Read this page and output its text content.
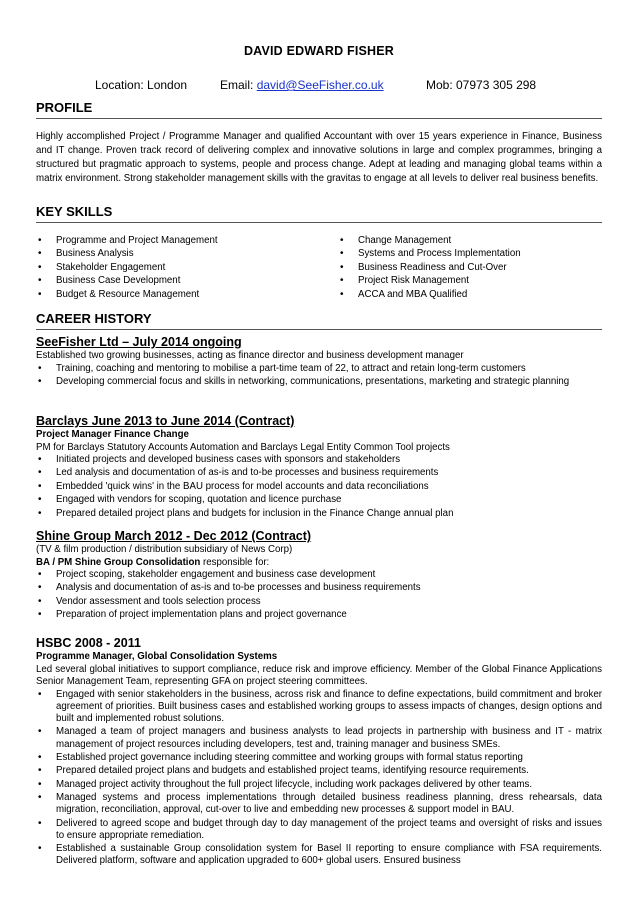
DAVID EDWARD FISHER
Location: London	Email: david@SeeFisher.co.uk	Mob: 07973 305 298
PROFILE
Highly accomplished Project / Programme Manager and qualified Accountant with over 15 years experience in Finance, Business and IT change. Proven track record of delivering complex and innovative solutions in large and complex programmes, bringing a structured but pragmatic approach to systems, people and process change. Adept at leading and managing global teams within a matrix environment. Strong stakeholder management skills with the gravitas to engage at all levels to deliver real business benefits.
KEY SKILLS
• Programme and Project Management
• Business Analysis
• Stakeholder Engagement
• Business Case Development
• Budget & Resource Management
• Change Management
• Systems and Process Implementation
• Business Readiness and Cut-Over
• Project Risk Management
• ACCA and MBA Qualified
CAREER HISTORY
SeeFisher Ltd – July 2014 ongoing
Established two growing businesses, acting as finance director and business development manager
• Training, coaching and mentoring to mobilise a part-time team of 22, to attract and retain long-term customers
• Developing commercial focus and skills in networking, communications, presentations, marketing and strategic planning
Barclays June 2013 to June 2014 (Contract)
Project Manager Finance Change
PM for Barclays Statutory Accounts Automation and Barclays Legal Entity Common Tool projects
• Initiated projects and developed business cases with sponsors and stakeholders
• Led analysis and documentation of as-is and to-be processes and business requirements
• Embedded 'quick wins' in the BAU process for model accounts and data reconciliations
• Engaged with vendors for scoping, quotation and licence purchase
• Prepared detailed project plans and budgets for inclusion in the Finance Change annual plan
Shine Group March 2012 - Dec 2012 (Contract)
(TV & film production / distribution subsidiary of News Corp)
BA / PM Shine Group Consolidation responsible for:
• Project scoping, stakeholder engagement and business case development
• Analysis and documentation of as-is and to-be processes and business requirements
• Vendor assessment and tools selection process
• Preparation of project implementation plans and project governance
HSBC 2008 - 2011
Programme Manager, Global Consolidation Systems
Led several global initiatives to support compliance, reduce risk and improve efficiency. Member of the Global Finance Applications Senior Management Team, representing GFA on project steering committees.
• Engaged with senior stakeholders in the business, across risk and finance to define expectations, build commitment and broker agreement of priorities. Built business cases and established working groups to assess impacts of changes, design options and built and implemented robust solutions.
• Managed a team of project managers and business analysts to lead projects in partnership with business and IT - matrix management of project resources including developers, test and, training manager and business SMEs.
• Established project governance including steering committee and working groups with formal status reporting
• Prepared detailed project plans and budgets and established project teams, identifying resource requirements.
• Managed project activity throughout the full project lifecycle, including work packages delivered by other teams.
• Managed systems and process implementations through detailed business readiness planning, dress rehearsals, data migration, reconciliation, approval, cut-over to live and embedding new processes & support model in BAU.
• Delivered to agreed scope and budget through day to day management of the project teams and oversight of risks and issues to ensure appropriate remediation.
• Established a sustainable Group consolidation system for Basel II reporting to ensure compliance with FSA requirements. Delivered platform, software and application upgraded to 600+ global users. Ensured business
